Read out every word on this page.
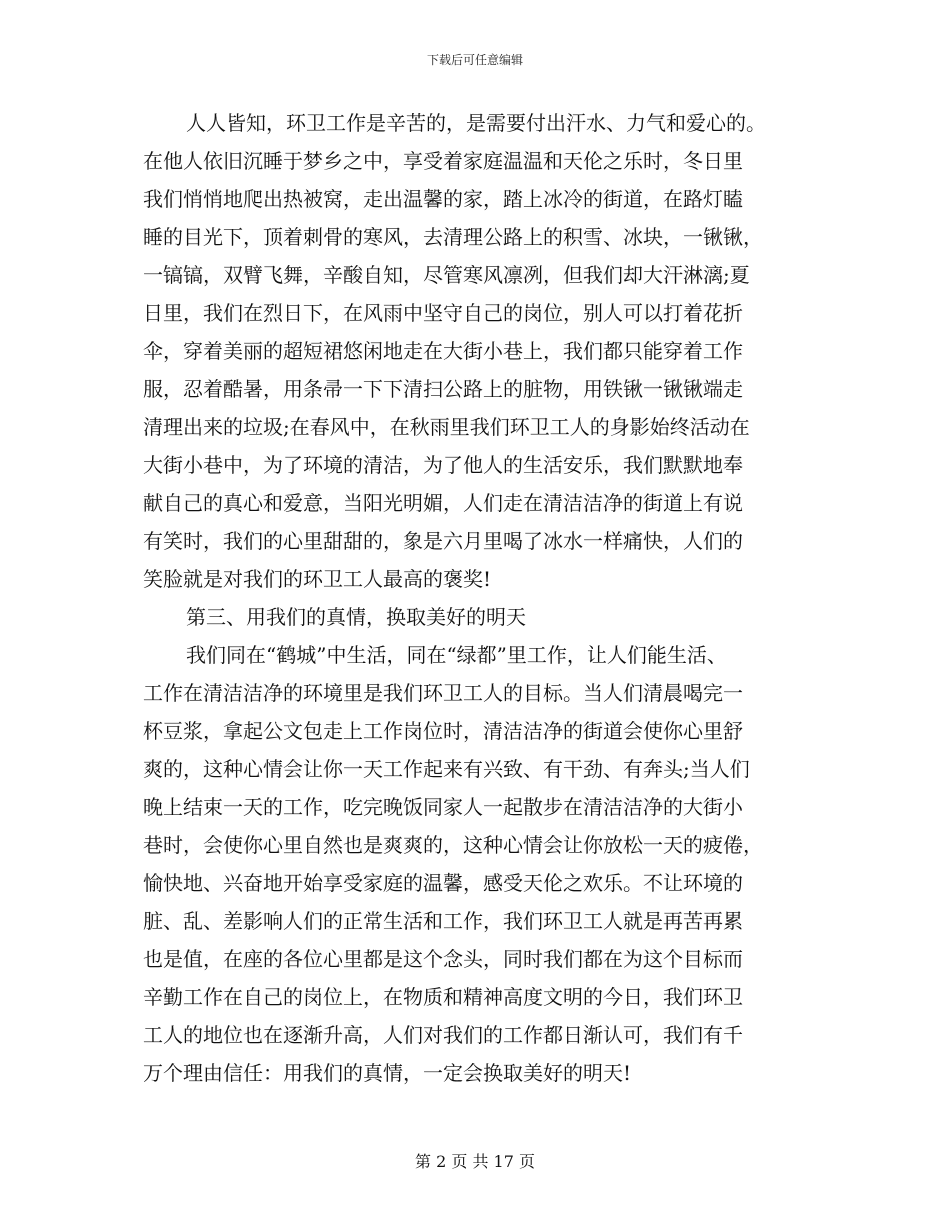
下载后可任意编辑
人人皆知，环卫工作是辛苦的，是需要付出汗水、力气和爱心的。
在他人依旧沉睡于梦乡之中，享受着家庭温温和天伦之乐时，冬日里
我们悄悄地爬出热被窝，走出温馨的家，踏上冰冷的街道，在路灯瞌
睡的目光下，顶着刺骨的寒风，去清理公路上的积雪、冰块，一锹锹，
一镐镐，双臂飞舞，辛酸自知，尽管寒风凛冽，但我们却大汗淋漓;夏
日里，我们在烈日下，在风雨中坚守自己的岗位，别人可以打着花折
伞，穿着美丽的超短裙悠闲地走在大街小巷上，我们都只能穿着工作
服，忍着酷暑，用条帚一下下清扫公路上的脏物，用铁锹一锹锹端走
清理出来的垃圾;在春风中，在秋雨里我们环卫工人的身影始终活动在
大街小巷中，为了环境的清洁，为了他人的生活安乐，我们默默地奉
献自己的真心和爱意，当阳光明媚，人们走在清洁洁净的街道上有说
有笑时，我们的心里甜甜的，象是六月里喝了冰水一样痛快，人们的
笑脸就是对我们的环卫工人最高的褒奖!
第三、用我们的真情，换取美好的明天
我们同在“鹤城”中生活，同在“绿都”里工作，让人们能生活、
工作在清洁洁净的环境里是我们环卫工人的目标。当人们清晨喝完一
杯豆浆，拿起公文包走上工作岗位时，清洁洁净的街道会使你心里舒
爽的，这种心情会让你一天工作起来有兴致、有干劲、有奔头;当人们
晚上结束一天的工作，吃完晚饭同家人一起散步在清洁洁净的大街小
巷时，会使你心里自然也是爽爽的，这种心情会让你放松一天的疲倦，
愉快地、兴奋地开始享受家庭的温馨，感受天伦之欢乐。不让环境的
脏、乱、差影响人们的正常生活和工作，我们环卫工人就是再苦再累
也是值，在座的各位心里都是这个念头，同时我们都在为这个目标而
辛勤工作在自己的岗位上，在物质和精神高度文明的今日，我们环卫
工人的地位也在逐渐升高，人们对我们的工作都日渐认可，我们有千
万个理由信任：用我们的真情，一定会换取美好的明天!
第 2 页 共 17 页
